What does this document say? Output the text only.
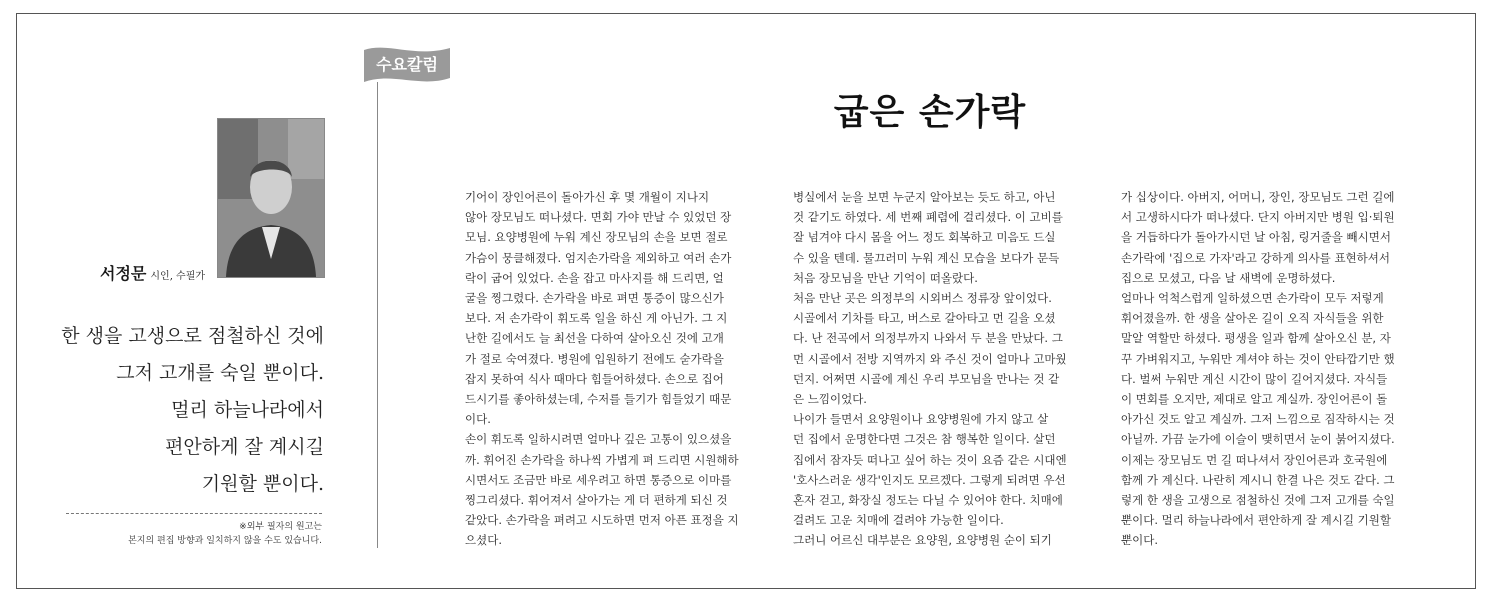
수요칼럼
서정문 시인, 수필가
한 생을 고생으로 점철하신 것에
그저 고개를 숙일 뿐이다.
멀리 하늘나라에서
편안하게 잘 계시길
기원할 뿐이다.
※외부 필자의 원고는
본지의 편집 방향과 일치하지 않을 수도 있습니다.
굽은 손가락
기어이 장인어른이 돌아가신 후 몇 개월이 지나지
않아 장모님도 떠나셨다. 면회 가야 만날 수 있었던 장
모님. 요양병원에 누워 계신 장모님의 손을 보면 절로
가슴이 뭉클해졌다. 엄지손가락을 제외하고 여러 손가
락이 굽어 있었다. 손을 잡고 마사지를 해 드리면, 얼
굴을 찡그렸다. 손가락을 바로 펴면 통증이 많으신가
보다. 저 손가락이 휘도록 일을 하신 게 아닌가. 그 지
난한 길에서도 늘 최선을 다하여 살아오신 것에 고개
가 절로 숙여졌다. 병원에 입원하기 전에도 숟가락을
잡지 못하여 식사 때마다 힘들어하셨다. 손으로 집어
드시기를 좋아하셨는데, 수저를 들기가 힘들었기 때문
이다.
손이 휘도록 일하시려면 얼마나 깊은 고통이 있으셨을
까. 휘어진 손가락을 하나씩 가볍게 펴 드리면 시원해하
시면서도 조금만 바로 세우려고 하면 통증으로 이마를
찡그리셨다. 휘어져서 살아가는 게 더 편하게 되신 것
같았다. 손가락을 펴려고 시도하면 먼저 아픈 표정을 지
으셨다.
병실에서 눈을 보면 누군지 알아보는 듯도 하고, 아닌
것 같기도 하였다. 세 번째 폐렴에 걸리셨다. 이 고비를
잘 넘겨야 다시 몸을 어느 정도 회복하고 미음도 드실
수 있을 텐데. 물끄러미 누워 계신 모습을 보다가 문득
처음 장모님을 만난 기억이 떠올랐다.
처음 만난 곳은 의정부의 시외버스 정류장 앞이었다.
시골에서 기차를 타고, 버스로 갈아타고 먼 길을 오셨
다. 난 전곡에서 의정부까지 나와서 두 분을 만났다. 그
먼 시골에서 전방 지역까지 와 주신 것이 얼마나 고마웠
던지. 어쩌면 시골에 계신 우리 부모님을 만나는 것 같
은 느낌이었다.
나이가 들면서 요양원이나 요양병원에 가지 않고 살
던 집에서 운명한다면 그것은 참 행복한 일이다. 살던
집에서 잠자듯 떠나고 싶어 하는 것이 요즘 같은 시대엔
'호사스러운 생각'인지도 모르겠다. 그렇게 되려면 우선
혼자 걷고, 화장실 정도는 다닐 수 있어야 한다. 치매에
걸려도 고운 치매에 걸려야 가능한 일이다.
그러니 어르신 대부분은 요양원, 요양병원 순이 되기
가 십상이다. 아버지, 어머니, 장인, 장모님도 그런 길에
서 고생하시다가 떠나셨다. 단지 아버지만 병원 입·퇴원
을 거듭하다가 돌아가시던 날 아침, 링거줄을 빼시면서
손가락에 '집으로 가자'라고 강하게 의사를 표현하셔서
집으로 모셨고, 다음 날 새벽에 운명하셨다.
얼마나 억척스럽게 일하셨으면 손가락이 모두 저렇게
휘어졌을까. 한 생을 살아온 길이 오직 자식들을 위한
말알 역할만 하셨다. 평생을 일과 함께 살아오신 분, 자
꾸 가벼워지고, 누워만 계셔야 하는 것이 안타깝기만 했
다. 벌써 누워만 계신 시간이 많이 길어지셨다. 자식들
이 면회를 오지만, 제대로 알고 계실까. 장인어른이 돌
아가신 것도 알고 계실까. 그저 느낌으로 짐작하시는 것
아닐까. 가끔 눈가에 이슬이 맺히면서 눈이 붉어지셨다.
이제는 장모님도 먼 길 떠나셔서 장인어른과 호국원에
함께 가 계신다. 나란히 계시니 한결 나은 것도 같다. 그
렇게 한 생을 고생으로 점철하신 것에 그저 고개를 숙일
뿐이다. 멀리 하늘나라에서 편안하게 잘 계시길 기원할
뿐이다.
